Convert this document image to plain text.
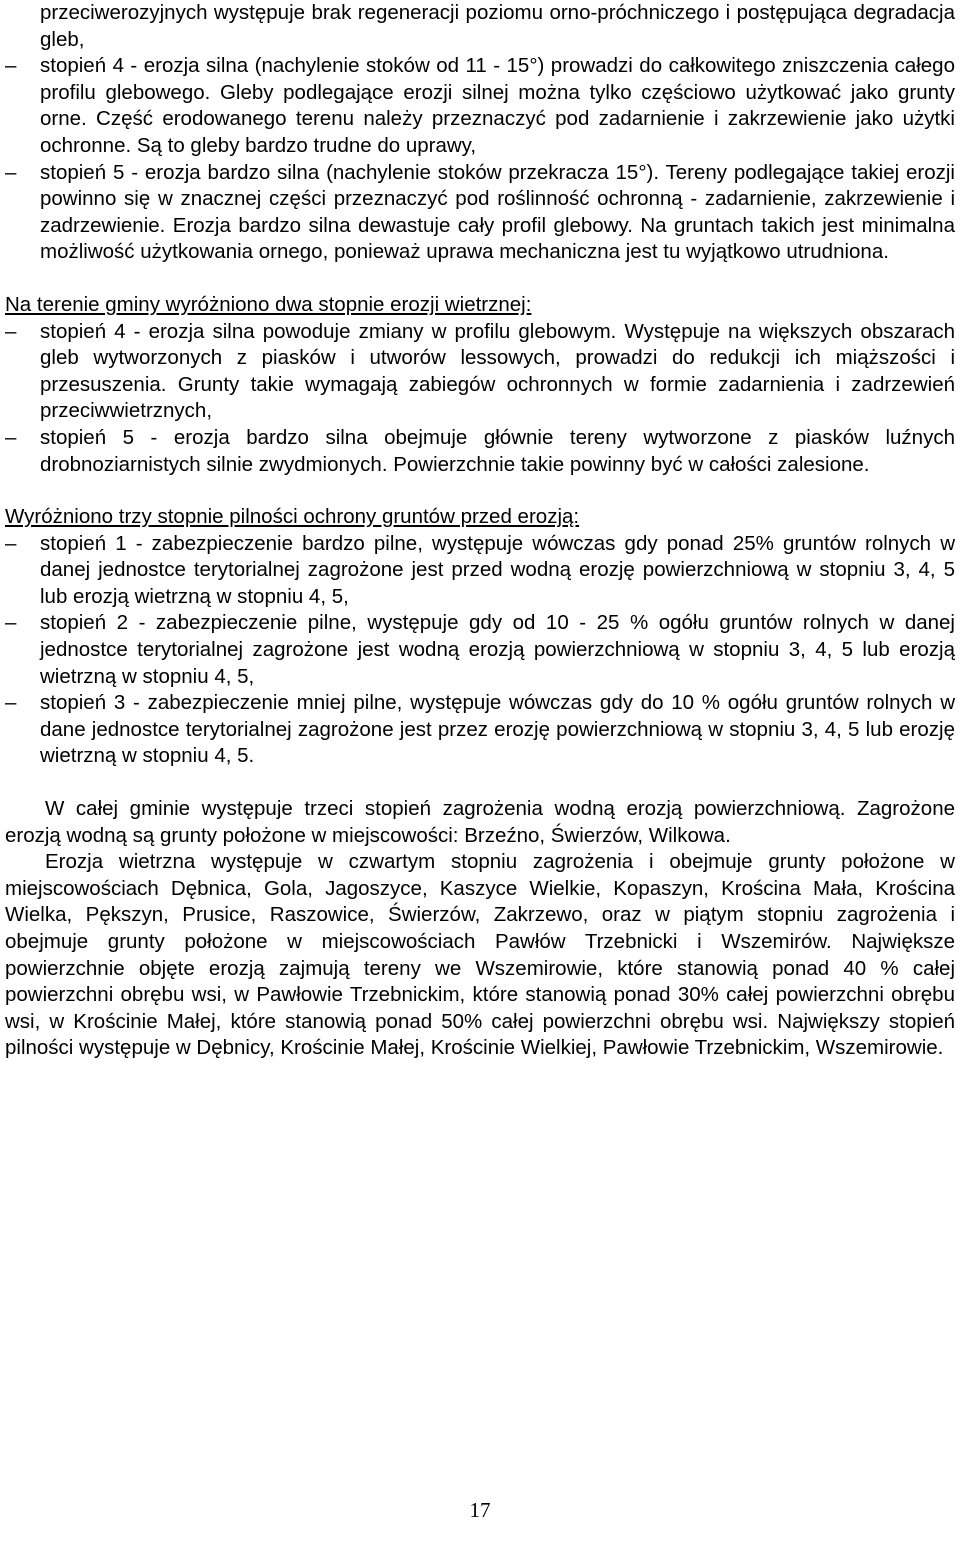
przeciwerozyjnych występuje brak regeneracji poziomu orno-próchniczego i postępująca degradacja gleb,

–	stopień 4 - erozja silna (nachylenie stoków od 11 - 15°) prowadzi do całkowitego zniszczenia całego profilu glebowego. Gleby podlegające erozji silnej można tylko częściowo użytkować jako grunty orne. Część erodowanego terenu należy przeznaczyć pod zadarnienie i zakrzewienie jako użytki ochronne. Są to gleby bardzo trudne do uprawy,
–	stopień 5 - erozja bardzo silna (nachylenie stoków przekracza 15°). Tereny podlegające takiej erozji powinno się w znacznej części przeznaczyć pod roślinność ochronną - zadarnienie, zakrzewienie i zadrzewienie. Erozja bardzo silna dewastuje cały profil glebowy. Na gruntach takich jest minimalna możliwość użytkowania ornego, ponieważ uprawa mechaniczna jest tu wyjątkowo utrudniona.

Na terenie gminy wyróżniono dwa stopnie erozji wietrznej:

–	stopień 4 - erozja silna powoduje zmiany w profilu glebowym. Występuje na większych obszarach gleb wytworzonych z piasków i utworów lessowych, prowadzi do redukcji ich miąższości i przesuszenia. Grunty takie wymagają zabiegów ochronnych w formie zadarnienia i zadrzewień przeciwwietrznych,
–	stopień 5 - erozja bardzo silna obejmuje głównie tereny wytworzone z piasków luźnych drobnoziarnistych silnie zwydmionych. Powierzchnie takie powinny być w całości zalesione.

Wyróżniono trzy stopnie pilności ochrony gruntów przed erozją:

–	stopień 1 - zabezpieczenie bardzo pilne, występuje wówczas gdy ponad 25% gruntów rolnych w danej jednostce terytorialnej zagrożone jest przed wodną erozję powierzchniową w stopniu 3, 4, 5 lub erozją wietrzną w stopniu 4, 5,
–	stopień 2 - zabezpieczenie pilne, występuje gdy od 10 - 25 % ogółu gruntów rolnych w danej jednostce terytorialnej zagrożone jest wodną erozją powierzchniową w stopniu 3, 4, 5 lub erozją wietrzną w stopniu 4, 5,
–	stopień 3 - zabezpieczenie mniej pilne, występuje wówczas gdy do 10 % ogółu gruntów rolnych w dane jednostce terytorialnej zagrożone jest przez erozję powierzchniową w stopniu 3, 4, 5 lub erozję wietrzną w stopniu 4, 5.

W całej gminie występuje trzeci stopień zagrożenia wodną erozją powierzchniową. Zagrożone erozją wodną są grunty położone w miejscowości: Brzeźno, Świerzów, Wilkowa.

Erozja wietrzna występuje w czwartym stopniu zagrożenia i obejmuje grunty położone w miejscowościach Dębnica, Gola, Jagoszyce, Kaszyce Wielkie, Kopaszyn, Krościna Mała, Krościna Wielka, Pększyn, Prusice, Raszowice, Świerzów, Zakrzewo, oraz w piątym stopniu zagrożenia i obejmuje grunty położone w miejscowościach Pawłów Trzebnicki i Wszemirów. Największe powierzchnie objęte erozją zajmują tereny we Wszemirowie, które stanowią ponad 40 % całej powierzchni obrębu wsi, w Pawłowie Trzebnickim, które stanowią ponad 30% całej powierzchni obrębu wsi, w Krościnie Małej, które stanowią ponad 50% całej powierzchni obrębu wsi. Największy stopień pilności występuje w Dębnicy, Krościnie Małej, Krościnie Wielkiej, Pawłowie Trzebnickim, Wszemirowie.

17
